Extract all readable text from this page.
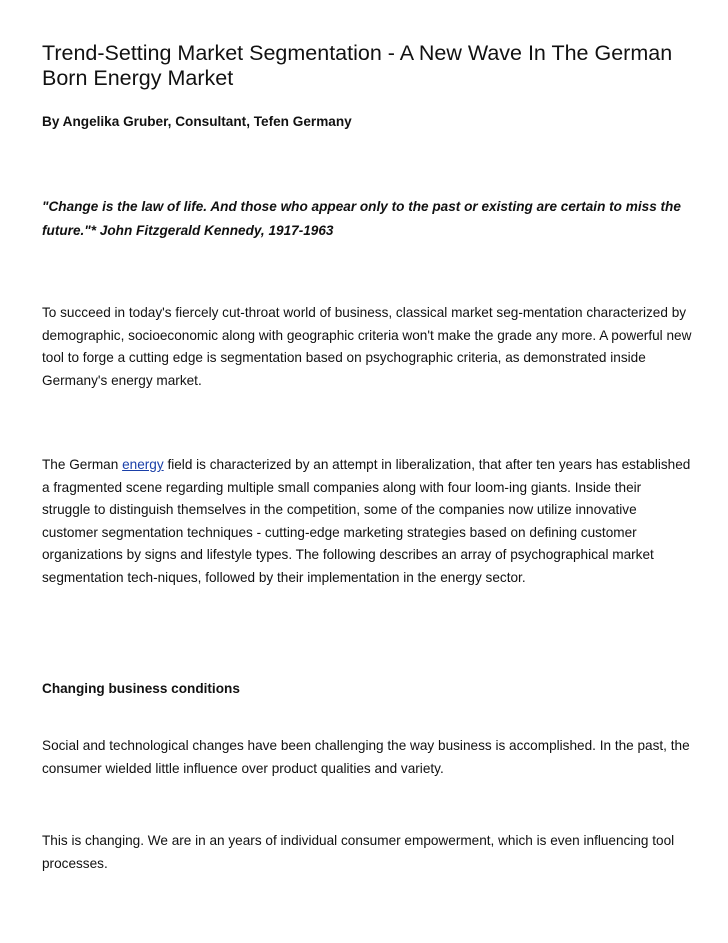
Trend-Setting Market Segmentation - A New Wave In The German Born Energy Market

By Angelika Gruber, Consultant, Tefen Germany

"Change is the law of life. And those who appear only to the past or existing are certain to miss the future."* John Fitzgerald Kennedy, 1917-1963

To succeed in today's fiercely cut-throat world of business, classical market seg-mentation characterized by demographic, socioeconomic along with geographic criteria won't make the grade any more. A powerful new tool to forge a cutting edge is segmentation based on psychographic criteria, as demonstrated inside Germany's energy market.

The German energy field is characterized by an attempt in liberalization, that after ten years has established a fragmented scene regarding multiple small companies along with four loom-ing giants. Inside their struggle to distinguish themselves in the competition, some of the companies now utilize innovative customer segmentation techniques - cutting-edge marketing strategies based on defining customer organizations by signs and lifestyle types. The following describes an array of psychographical market segmentation tech-niques, followed by their implementation in the energy sector.

Changing business conditions

Social and technological changes have been challenging the way business is accomplished. In the past, the consumer wielded little influence over product qualities and variety.

This is changing. We are in an years of individual consumer empowerment, which is even influencing tool processes.
